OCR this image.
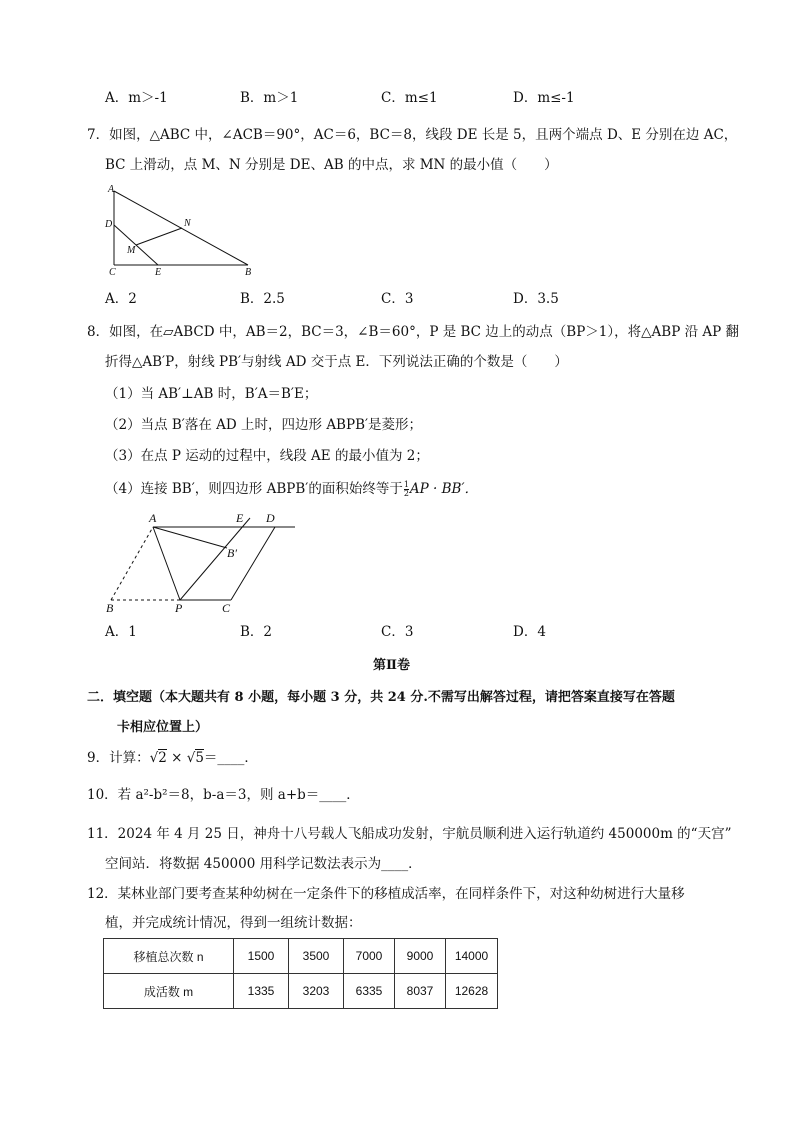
A．m＞-1	B．m＞1	C．m≤1	D．m≤-1
7．如图，△ABC 中，∠ACB＝90°，AC＝6，BC＝8，线段 DE 长是 5，且两个端点 D、E 分别在边 AC，
BC 上滑动，点 M、N 分别是 DE、AB 的中点，求 MN 的最小值（　　）
A
D	N
M
C	E	B
A．2	B．2.5	C．3	D．3.5
8．如图，在▱ABCD 中，AB＝2，BC＝3，∠B＝60°，P 是 BC 边上的动点（BP＞1），将△ABP 沿 AP 翻
折得△AB′P，射线 PB′与射线 AD 交于点 E．下列说法正确的个数是（　　）
（1）当 AB′⊥AB 时，B′A＝B′E；
（2）当点 B′落在 AD 上时，四边形 ABPB′是菱形；
（3）在点 P 运动的过程中，线段 AE 的最小值为 2；
（4）连接 BB′，则四边形 ABPB′的面积始终等于 $\frac{1}{2}$ AP · BB′．
A	E D
B′
B	P	C
A．1	B．2	C．3	D．4
第Ⅱ卷
二．填空题（本大题共有 8 小题，每小题 3 分，共 24 分.不需写出解答过程，请把答案直接写在答题
卡相应位置上）
9．计算：√2 × √5＝____．
10．若 a²-b²＝8，b-a＝3，则 a+b＝____．
11．2024 年 4 月 25 日，神舟十八号载人飞船成功发射，宇航员顺利进入运行轨道约 450000m 的“天宫”
空间站．将数据 450000 用科学记数法表示为____．
12．某林业部门要考查某种幼树在一定条件下的移植成活率，在同样条件下，对这种幼树进行大量移
植，并完成统计情况，得到一组统计数据：
移植总次数 n	1500	3500	7000	9000	14000
成活数 m	1335	3203	6335	8037	12628
